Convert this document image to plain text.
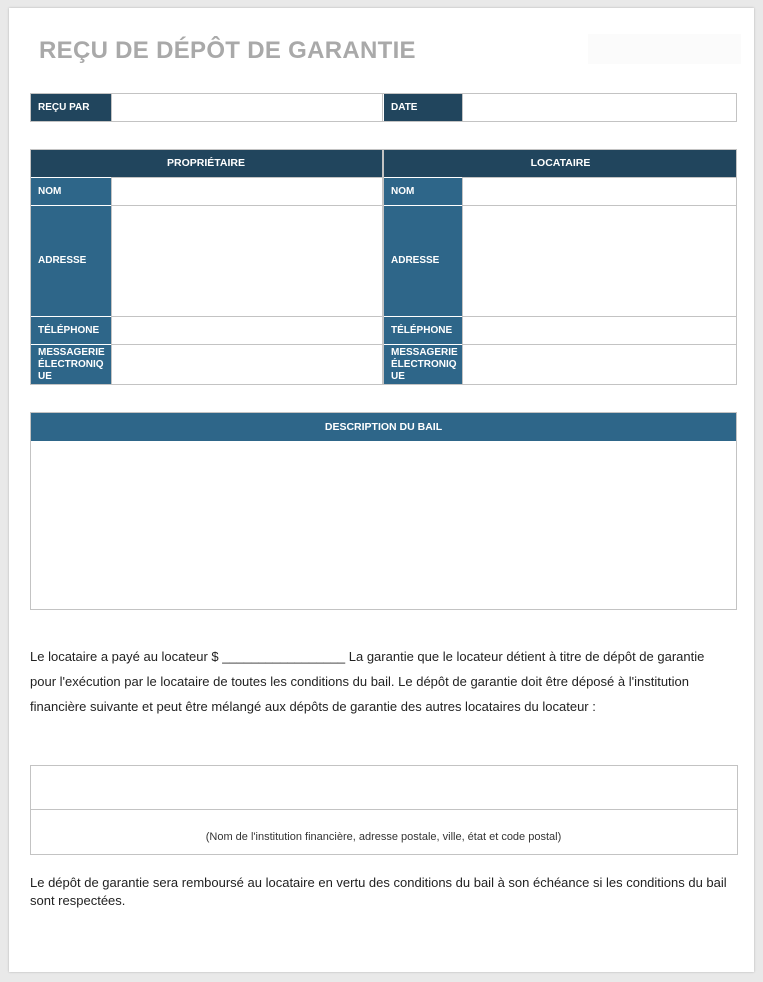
REÇU DE DÉPÔT DE GARANTIE
REÇU PAR	DATE
PROPRIÉTAIRE
NOM
ADRESSE
TÉLÉPHONE
MESSAGERIE
ÉLECTRONIQ
UE
LOCATAIRE
NOM
ADRESSE
TÉLÉPHONE
MESSAGERIE
ÉLECTRONIQ
UE
DESCRIPTION DU BAIL
Le locataire a payé au locateur $ _________________ La garantie que le locateur détient à titre de dépôt de garantie pour l'exécution par le locataire de toutes les conditions du bail. Le dépôt de garantie doit être déposé à l'institution financière suivante et peut être mélangé aux dépôts de garantie des autres locataires du locateur :
(Nom de l'institution financière, adresse postale, ville, état et code postal)
Le dépôt de garantie sera remboursé au locataire en vertu des conditions du bail à son échéance si les conditions du bail sont respectées.
